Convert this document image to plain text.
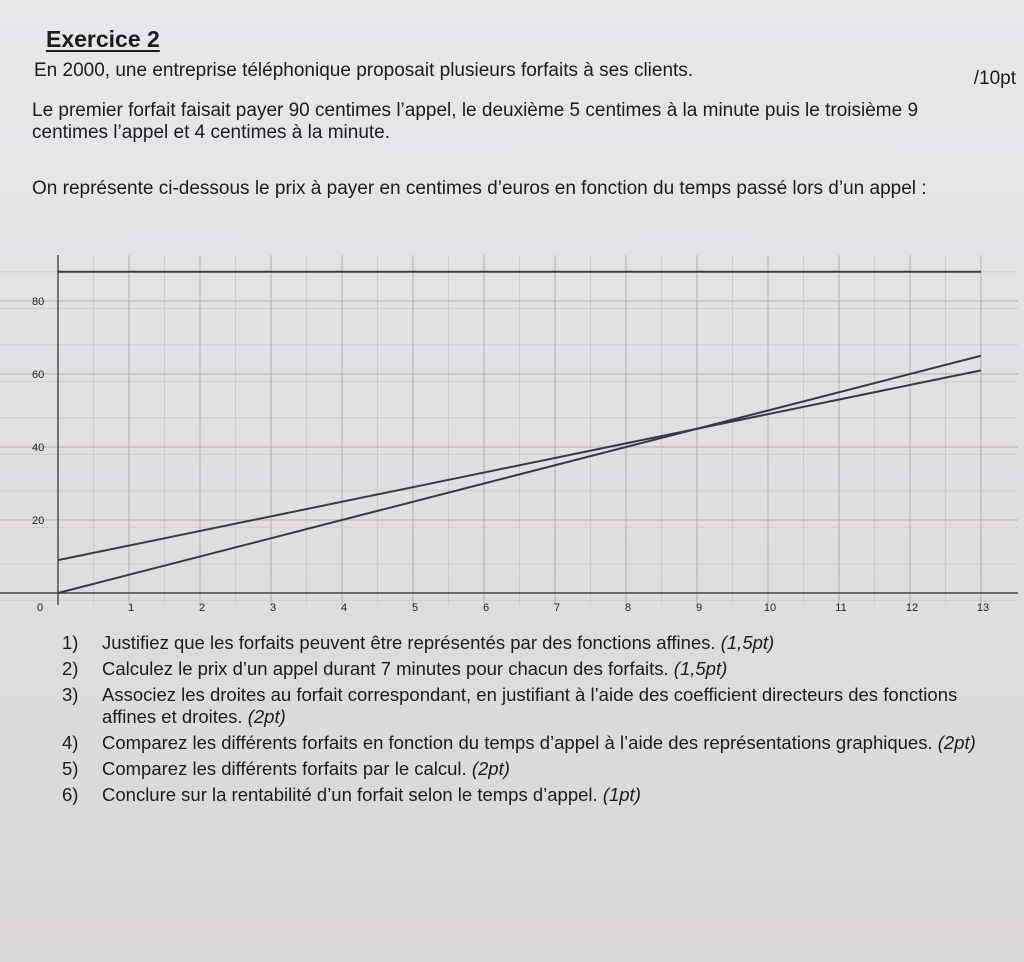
Exercice 2
/10pt
En 2000, une entreprise téléphonique proposait plusieurs forfaits à ses clients.
Le premier forfait faisait payer 90 centimes l’appel, le deuxième 5 centimes à la minute puis le troisième 9 centimes l’appel et 4 centimes à la minute.
On représente ci-dessous le prix à payer en centimes d’euros en fonction du temps passé lors d’un appel :
0	1	2	3	4	5	6	7	8	9	10	11	12	13
20
40
60
80
1)	Justifiez que les forfaits peuvent être représentés par des fonctions affines. (1,5pt)
2)	Calculez le prix d’un appel durant 7 minutes pour chacun des forfaits. (1,5pt)
3)	Associez les droites au forfait correspondant, en justifiant à l’aide des coefficient directeurs des fonctions affines et droites. (2pt)
4)	Comparez les différents forfaits en fonction du temps d’appel à l’aide des représentations graphiques. (2pt)
5)	Comparez les différents forfaits par le calcul. (2pt)
6)	Conclure sur la rentabilité d’un forfait selon le temps d’appel. (1pt)
